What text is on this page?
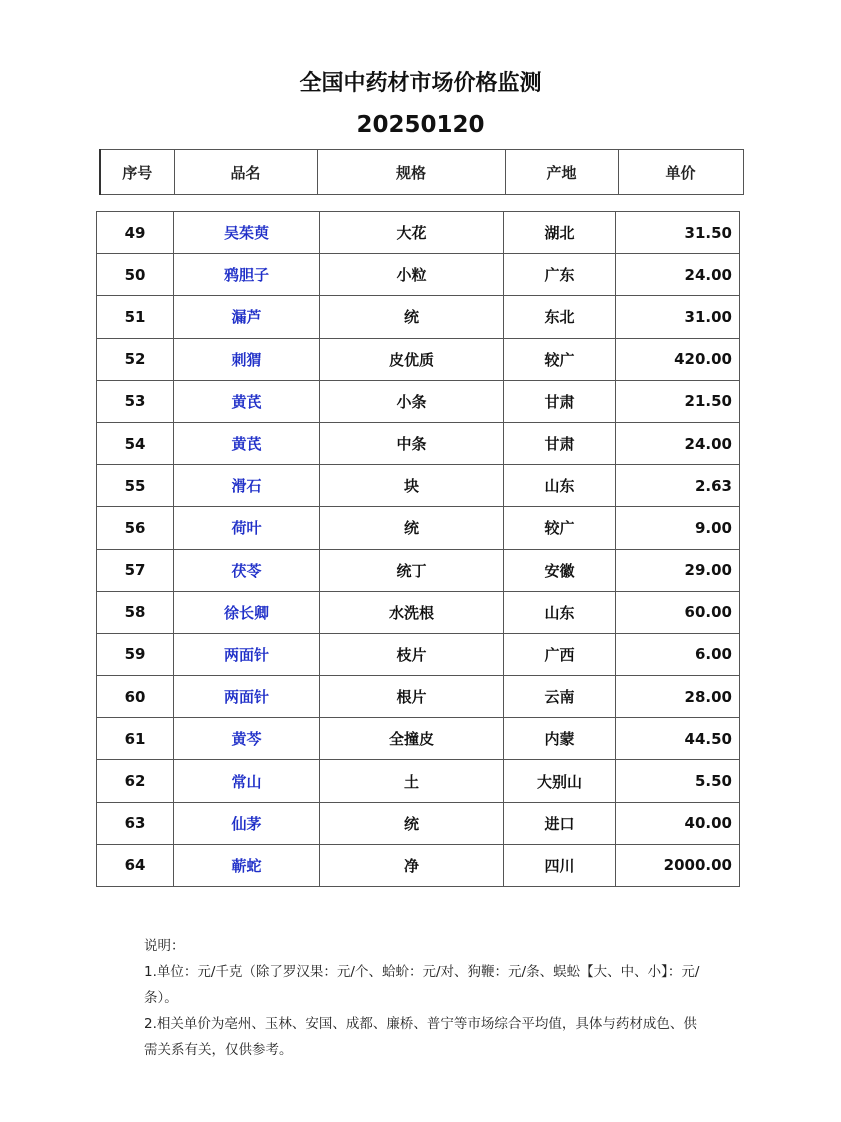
全国中药材市场价格监测
20250120
序号	品名	规格	产地	单价
49	吴茱萸	大花	湖北	31.50
50	鸦胆子	小粒	广东	24.00
51	漏芦	统	东北	31.00
52	刺猬	皮优质	较广	420.00
53	黄芪	小条	甘肃	21.50
54	黄芪	中条	甘肃	24.00
55	滑石	块	山东	2.63
56	荷叶	统	较广	9.00
57	茯苓	统丁	安徽	29.00
58	徐长卿	水洗根	山东	60.00
59	两面针	枝片	广西	6.00
60	两面针	根片	云南	28.00
61	黄芩	全撞皮	内蒙	44.50
62	常山	土	大别山	5.50
63	仙茅	统	进口	40.00
64	蕲蛇	净	四川	2000.00

说明：

1.单位：元/千克（除了罗汉果：元/个、蛤蚧：元/对、狗鞭：元/条、蜈蚣【大、中、小】：元/条）。

2.相关单价为亳州、玉林、安国、成都、廉桥、普宁等市场综合平均值，具体与药材成色、供需关系有关，仅供参考。
